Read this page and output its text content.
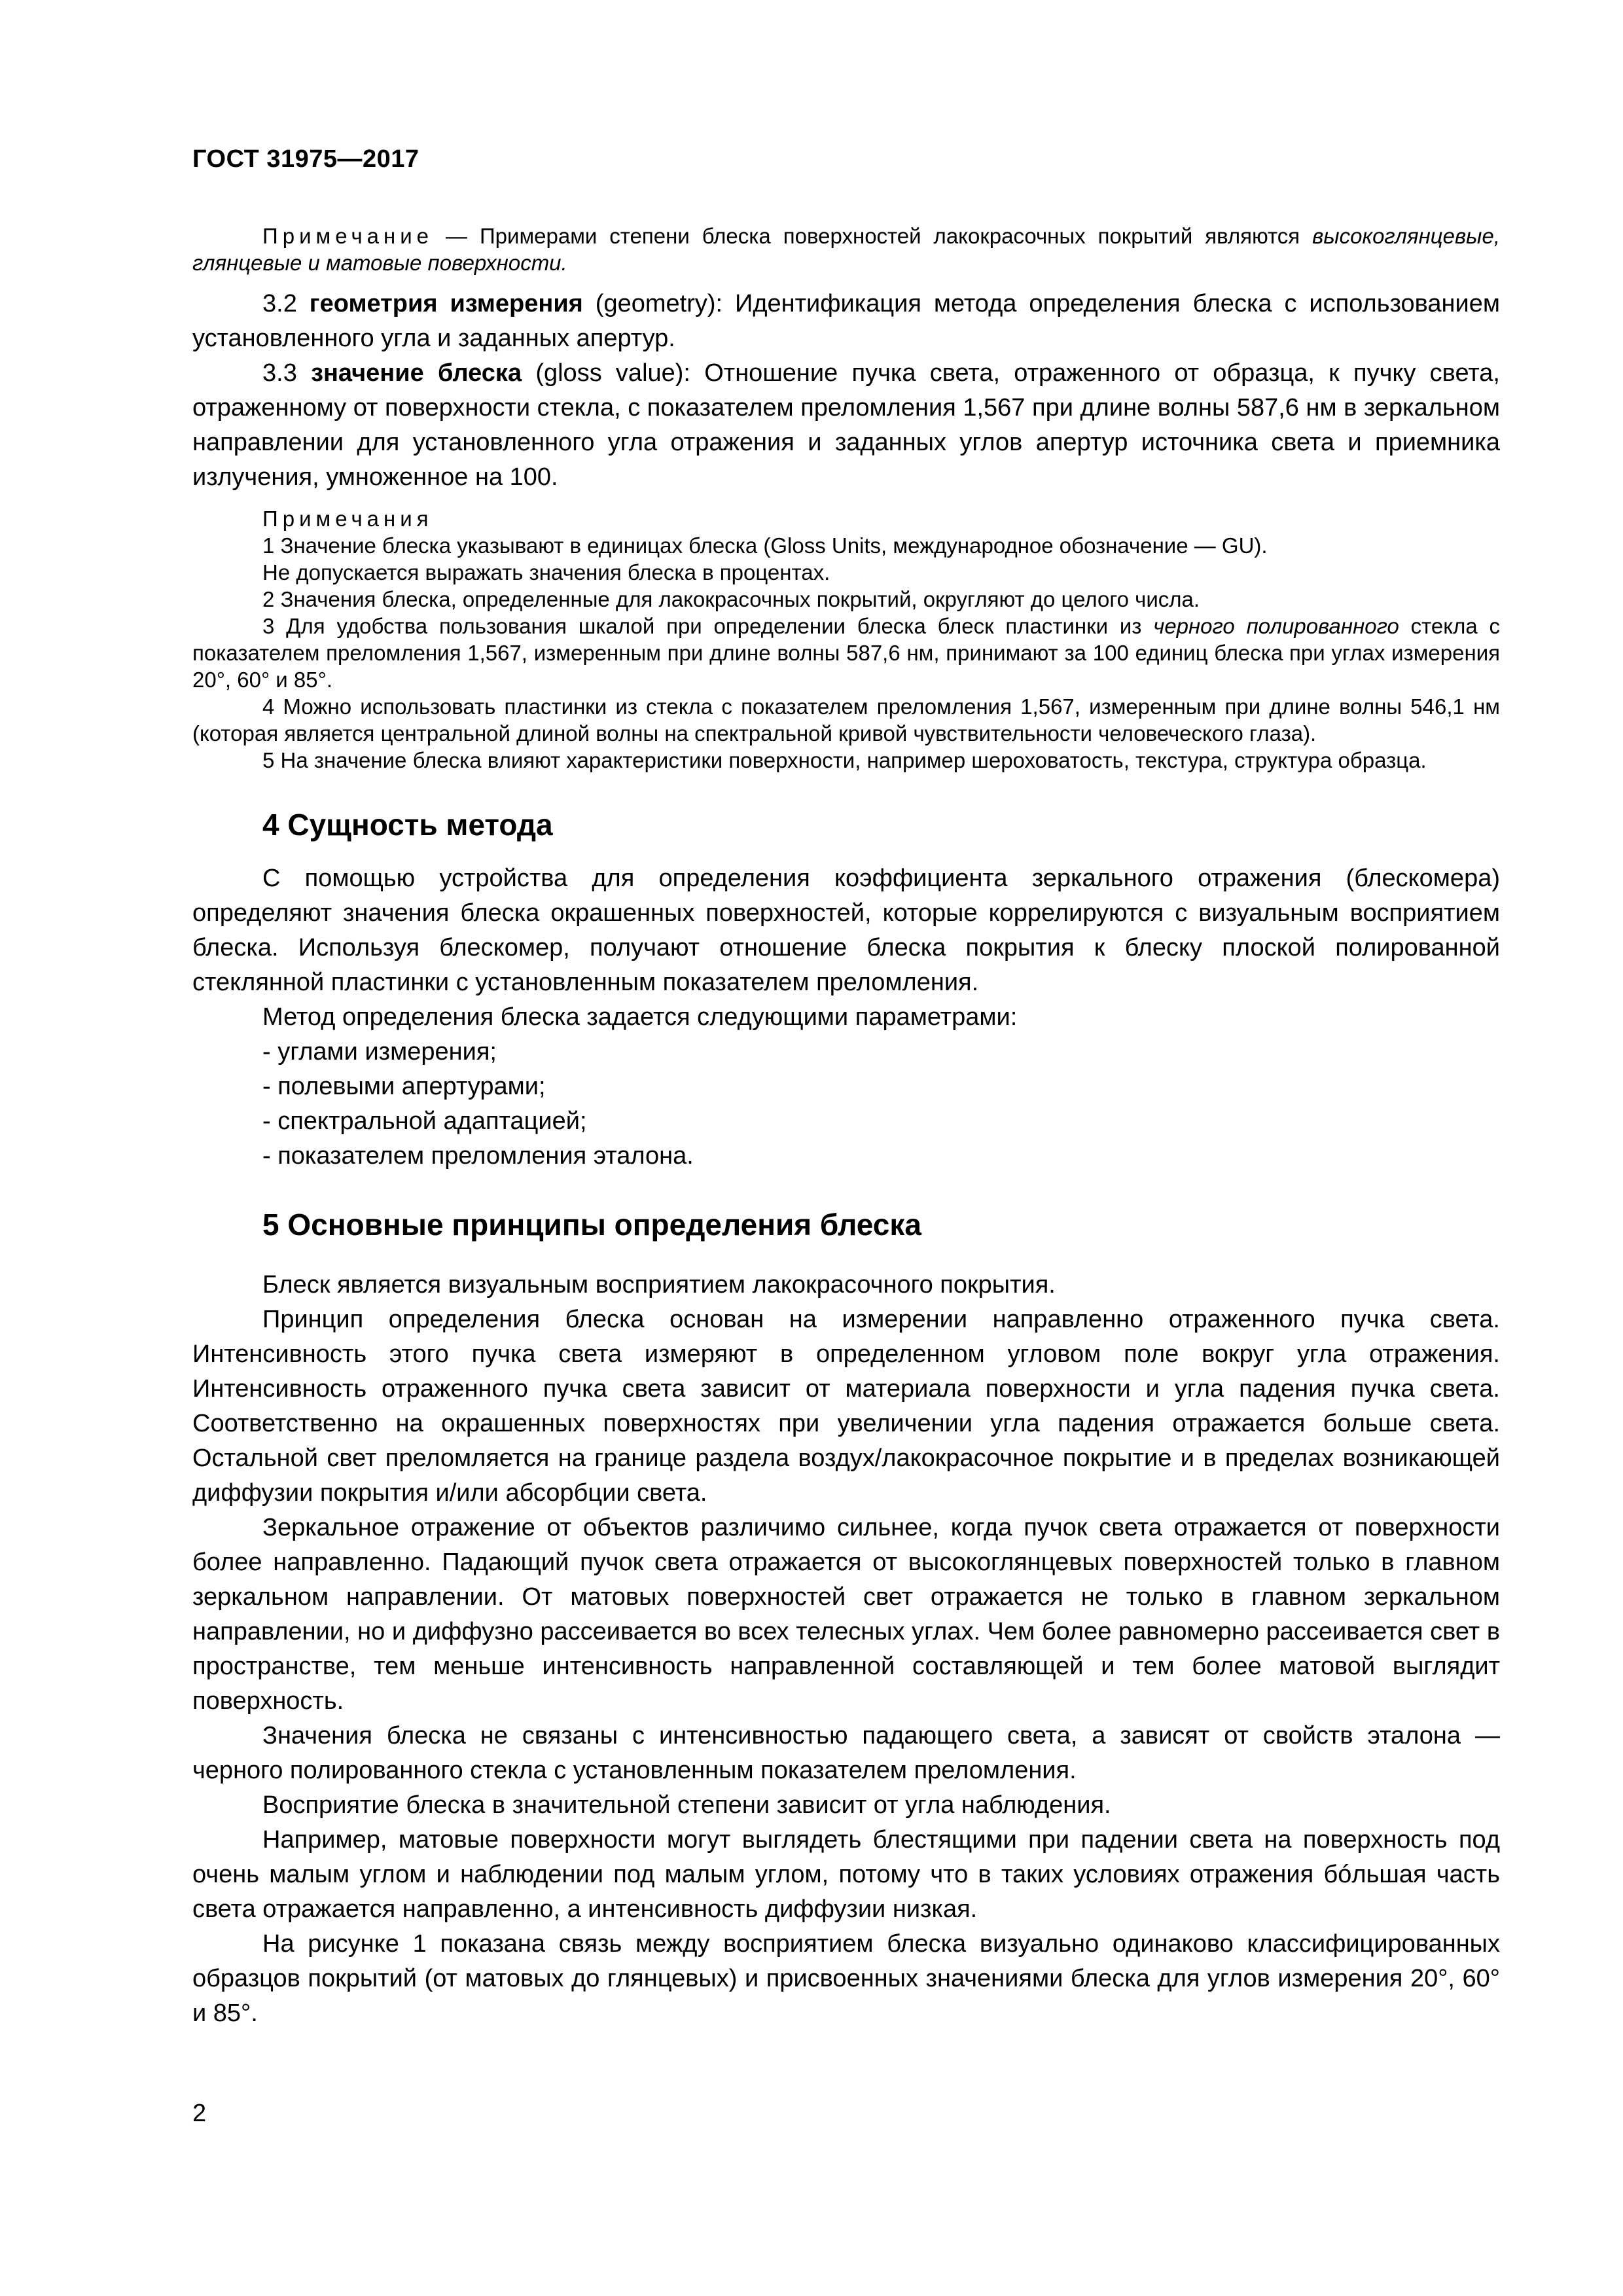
ГОСТ 31975—2017

Примечание — Примерами степени блеска поверхностей лакокрасочных покрытий являются высокоглянцевые, глянцевые и матовые поверхности.

3.2 геометрия измерения (geometry): Идентификация метода определения блеска с использованием установленного угла и заданных апертур.

3.3 значение блеска (gloss value): Отношение пучка света, отраженного от образца, к пучку света, отраженному от поверхности стекла, с показателем преломления 1,567 при длине волны 587,6 нм в зеркальном направлении для установленного угла отражения и заданных углов апертур источника света и приемника излучения, умноженное на 100.

Примечания

1 Значение блеска указывают в единицах блеска (Gloss Units, международное обозначение — GU).

Не допускается выражать значения блеска в процентах.

2 Значения блеска, определенные для лакокрасочных покрытий, округляют до целого числа.

3 Для удобства пользования шкалой при определении блеска блеск пластинки из черного полированного стекла с показателем преломления 1,567, измеренным при длине волны 587,6 нм, принимают за 100 единиц блеска при углах измерения 20°, 60° и 85°.

4 Можно использовать пластинки из стекла с показателем преломления 1,567, измеренным при длине волны 546,1 нм (которая является центральной длиной волны на спектральной кривой чувствительности человеческого глаза).

5 На значение блеска влияют характеристики поверхности, например шероховатость, текстура, структура образца.

4 Сущность метода

С помощью устройства для определения коэффициента зеркального отражения (блескомера) определяют значения блеска окрашенных поверхностей, которые коррелируются с визуальным восприятием блеска. Используя блескомер, получают отношение блеска покрытия к блеску плоской полированной стеклянной пластинки с установленным показателем преломления.

Метод определения блеска задается следующими параметрами:

- углами измерения;

- полевыми апертурами;

- спектральной адаптацией;

- показателем преломления эталона.

5 Основные принципы определения блеска

Блеск является визуальным восприятием лакокрасочного покрытия.

Принцип определения блеска основан на измерении направленно отраженного пучка света. Интенсивность этого пучка света измеряют в определенном угловом поле вокруг угла отражения. Интенсивность отраженного пучка света зависит от материала поверхности и угла падения пучка света. Соответственно на окрашенных поверхностях при увеличении угла падения отражается больше света. Остальной свет преломляется на границе раздела воздух/лакокрасочное покрытие и в пределах возникающей диффузии покрытия и/или абсорбции света.

Зеркальное отражение от объектов различимо сильнее, когда пучок света отражается от поверхности более направленно. Падающий пучок света отражается от высокоглянцевых поверхностей только в главном зеркальном направлении. От матовых поверхностей свет отражается не только в главном зеркальном направлении, но и диффузно рассеивается во всех телесных углах. Чем более равномерно рассеивается свет в пространстве, тем меньше интенсивность направленной составляющей и тем более матовой выглядит поверхность.

Значения блеска не связаны с интенсивностью падающего света, а зависят от свойств эталона — черного полированного стекла с установленным показателем преломления.

Восприятие блеска в значительной степени зависит от угла наблюдения.

Например, матовые поверхности могут выглядеть блестящими при падении света на поверхность под очень малым углом и наблюдении под малым углом, потому что в таких условиях отражения бóльшая часть света отражается направленно, а интенсивность диффузии низкая.

На рисунке 1 показана связь между восприятием блеска визуально одинаково классифицированных образцов покрытий (от матовых до глянцевых) и присвоенных значениями блеска для углов измерения 20°, 60° и 85°.

2
